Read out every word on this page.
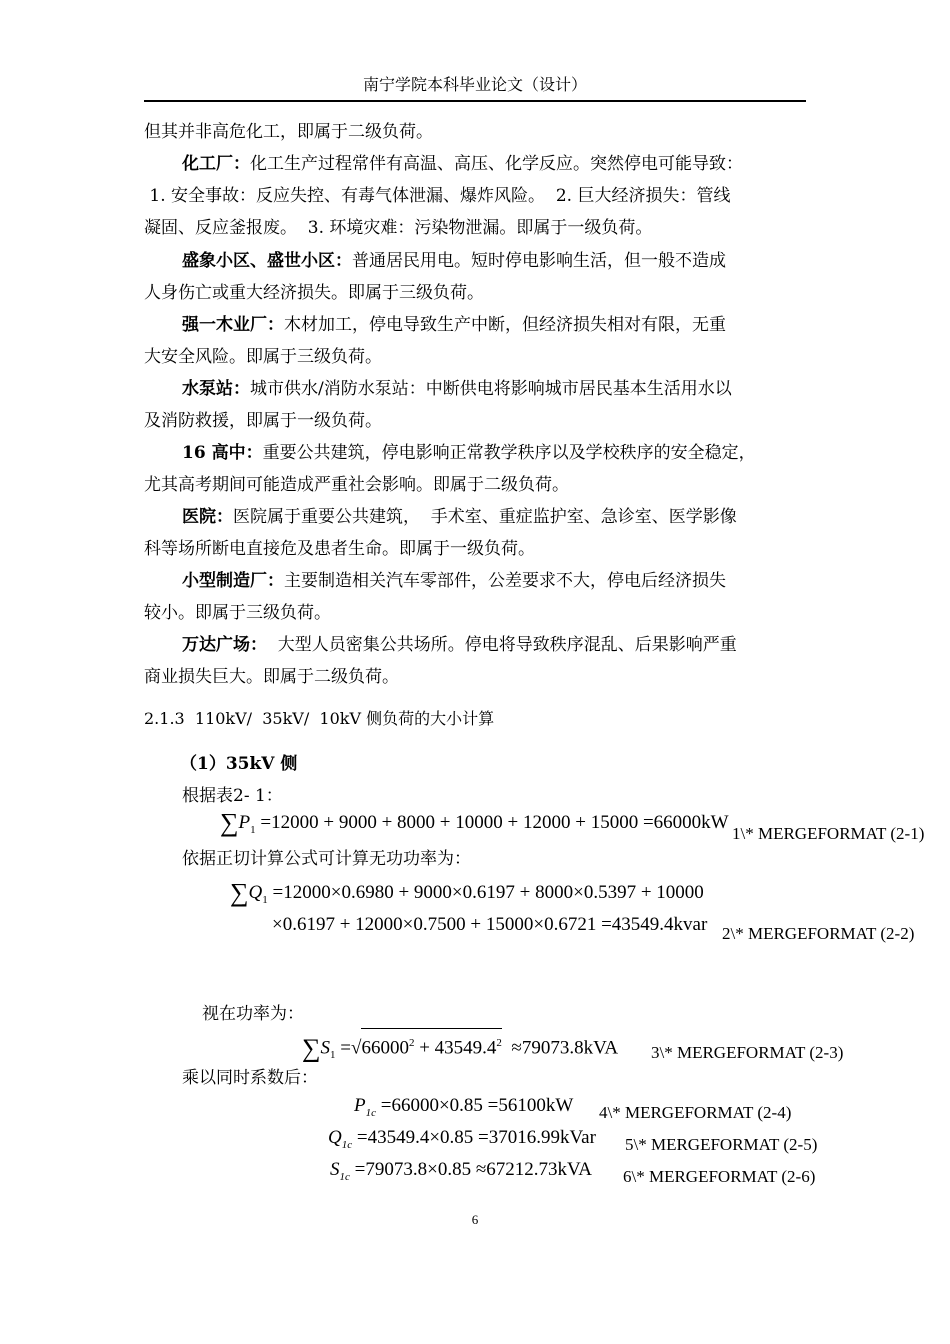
南宁学院本科毕业论文（设计）
但其并非高危化工，即属于二级负荷。
化工厂：化工生产过程常伴有高温、高压、化学反应。突然停电可能导致：
1. 安全事故：反应失控、有毒气体泄漏、爆炸风险。  2. 巨大经济损失：管线
凝固、反应釜报废。  3. 环境灾难：污染物泄漏。即属于一级负荷。
盛象小区、盛世小区：普通居民用电。短时停电影响生活，但一般不造成
人身伤亡或重大经济损失。即属于三级负荷。
强一木业厂：木材加工，停电导致生产中断，但经济损失相对有限，无重
大安全风险。即属于三级负荷。
水泵站：城市供水/消防水泵站：中断供电将影响城市居民基本生活用水以
及消防救援，即属于一级负荷。
16 高中：重要公共建筑，停电影响正常教学秩序以及学校秩序的安全稳定，
尤其高考期间可能造成严重社会影响。即属于二级负荷。
医院：医院属于重要公共建筑，  手术室、重症监护室、急诊室、医学影像
科等场所断电直接危及患者生命。即属于一级负荷。
小型制造厂：主要制造相关汽车零部件，公差要求不大，停电后经济损失
较小。即属于三级负荷。
万达广场：  大型人员密集公共场所。停电将导致秩序混乱、后果影响严重
商业损失巨大。即属于二级负荷。
2.1.3  110kV/  35kV/  10kV 侧负荷的大小计算
（1）35kV 侧
根据表2- 1：
$\sum P_1 =12000 + 9000 + 8000 + 10000 + 12000 + 15000 =66000kW$
1\* MERGEFORMAT (2-1)
依据正切计算公式可计算无功功率为：
$\sum Q_1 =12000\times 0.6980 + 9000\times 0.6197 + 8000\times 0.5397 + 10000$
×0.6197 + 12000×0.7500 + 15000×0.6721 =43549.4kvar 2\* MERGEFORMAT (2-2)
视在功率为：
$\sum S_1 =√66000^2 + 43549.4^2 \approx 79073.8kVA$ 3\* MERGEFORMAT (2-3)
乘以同时系数后：
$P_{1c} =66000\times 0.85 =56100kW$ 4\* MERGEFORMAT (2-4)
$Q_{1c} =43549.4\times 0.85$ =37016.99kVar 5\* MERGEFORMAT (2-5)
$S_{1c} =79073.8\times 0.85 \approx 67212.73kVA$ 6\* MERGEFORMAT (2-6)
6
